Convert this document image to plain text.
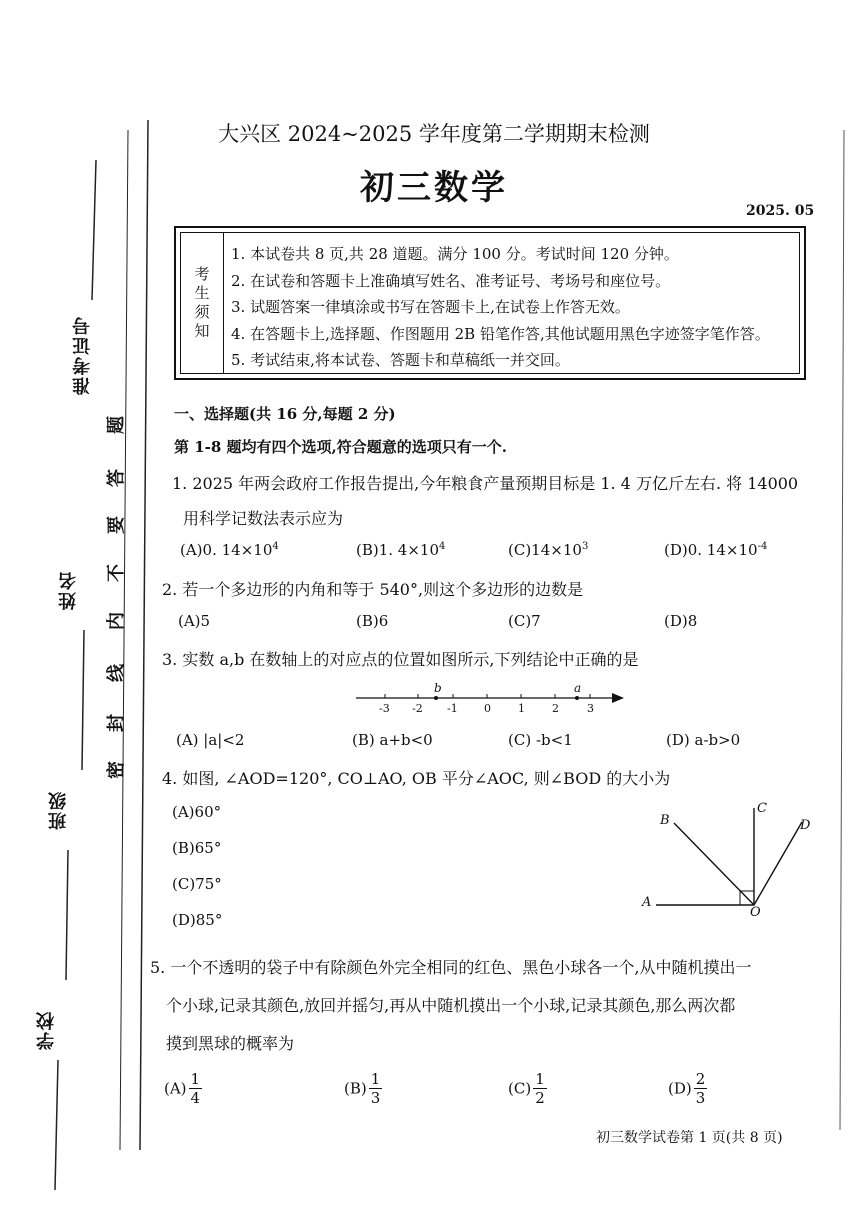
准考证号
姓名
班级
学校
密
封
线
内
不
要
答
题
大兴区 2024~2025 学年度第二学期期末检测
初三数学
2025. 05
考
生
须
知
1. 本试卷共 8 页,共 28 道题。满分 100 分。考试时间 120 分钟。
2. 在试卷和答题卡上准确填写姓名、准考证号、考场号和座位号。
3. 试题答案一律填涂或书写在答题卡上,在试卷上作答无效。
4. 在答题卡上,选择题、作图题用 2B 铅笔作答,其他试题用黑色字迹签字笔作答。
5. 考试结束,将本试卷、答题卡和草稿纸一并交回。
一、选择题(共 16 分,每题 2 分)
第 1-8 题均有四个选项,符合题意的选项只有一个.
1. 2025 年两会政府工作报告提出,今年粮食产量预期目标是 1. 4 万亿斤左右. 将 14000
用科学记数法表示应为
(A)0. $14\times 10^4$	(B)1. $4\times 10^4$	$(C)14\times 10^3$	(D)0. $14\times 10^{-4}$
2. 若一个多边形的内角和等于 540°,则这个多边形的边数是
(A)5	(B)6	(C)7	(D)8
3. 实数 a,b 在数轴上的对应点的位置如图所示,下列结论中正确的是
b	a
-3 -2 -1 0 1 2	3
(A) |a|<2	(B) a+b<0	(C) -b<1	(D) a-b>0
4. 如图, ∠AOD=120°, CO⊥AO, OB 平分∠AOC, 则∠BOD 的大小为
(A)60°
(B)65°
(C)75°
(D)85°
A
B
C
D
O
5. 一个不透明的袋子中有除颜色外完全相同的红色、黑色小球各一个,从中随机摸出一
个小球,记录其颜色,放回并摇匀,再从中随机摸出一个小球,记录其颜色,那么两次都
摸到黑球的概率为
$(A) \frac{1}{4}$	$(B) \frac{1}{3}$	$(C) \frac{1}{2}$	$(D) \frac{2}{3}$
初三数学试卷第 1 页(共 8 页)
